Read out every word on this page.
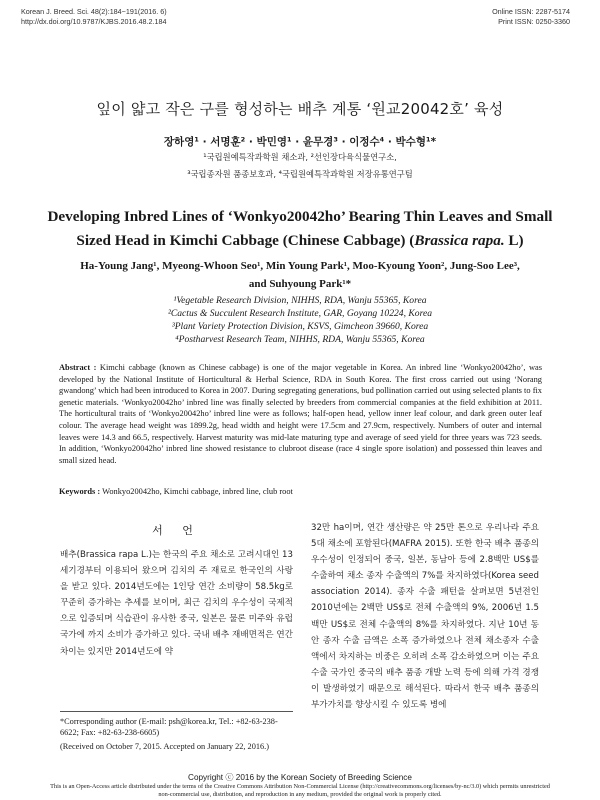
Korean J. Breed. Sci. 48(2):184~191(2016. 6)
http://dx.doi.org/10.9787/KJBS.2016.48.2.184
Online ISSN: 2287-5174
Print ISSN: 0250-3360
잎이 얇고 작은 구를 형성하는 배추 계통 ‘원교20042호’ 육성
장하영¹ · 서명훈² · 박민영¹ · 윤무경³ · 이정수⁴ · 박수형¹*
¹국립원예특작과학원 채소과, ²선인장다육식물연구소,
³국립종자원 품종보호과, ⁴국립원예특작과학원 저장유통연구팀
Developing Inbred Lines of ‘Wonkyo20042ho’ Bearing Thin Leaves and Small Sized Head in Kimchi Cabbage (Chinese Cabbage) (Brassica rapa. L)
Ha-Young Jang¹, Myeong-Whoon Seo¹, Min Young Park¹, Moo-Kyoung Yoon², Jung-Soo Lee³,
and Suhyoung Park¹*
¹Vegetable Research Division, NIHHS, RDA, Wanju 55365, Korea
²Cactus & Succulent Research Institute, GAR, Goyang 10224, Korea
³Plant Variety Protection Division, KSVS, Gimcheon 39660, Korea
⁴Postharvest Research Team, NIHHS, RDA, Wanju 55365, Korea
Abstract : Kimchi cabbage (known as Chinese cabbage) is one of the major vegetable in Korea. An inbred line ‘Wonkyo20042ho’, was developed by the National Institute of Horticultural & Herbal Science, RDA in South Korea. The first cross carried out using ‘Norang gwandong’ which had been introduced to Korea in 2007. During segregating generations, bud pollination carried out using selected plants to fix genetic materials. ‘Wonkyo20042ho’ inbred line was finally selected by breeders from commercial companies at the field exhibition at 2011. The horticultural traits of ‘Wonkyo20042ho’ inbred line were as follows; half-open head, yellow inner leaf colour, and dark green outer leaf colour. The average head weight was 1899.2g, head width and height were 17.5cm and 27.9cm, respectively. Numbers of outer and internal leaves were 14.3 and 66.5, respectively. Harvest maturity was mid-late maturing type and average of seed yield for three years was 723 seeds. In addition, ‘Wonkyo20042ho’ inbred line showed resistance to clubroot disease (race 4 single spore isolation) and possessed thin leaves and small sized head.
Keywords : Wonkyo20042ho, Kimchi cabbage, inbred line, club root
서 언
배추(Brassica rapa L.)는 한국의 주요 채소로 고려시대인 13세기경부터 이용되어 왔으며 김치의 주 재료로 한국인의 사랑을 받고 있다. 2014년도에는 1인당 연간 소비량이 58.5kg로 꾸준히 증가하는 추세를 보이며, 최근 김치의 우수성이 국제적으로 입증되며 식습관이 유사한 중국, 일본은 물론 미주와 유럽 국가에 까지 소비가 증가하고 있다. 국내 배추 재배면적은 연간 차이는 있지만 2014년도에 약
32만 ha이며, 연간 생산량은 약 25만 톤으로 우리나라 주요 5대 채소에 포함된다(MAFRA 2015). 또한 한국 배추 품종의 우수성이 인정되어 중국, 일본, 동남아 등에 2.8백만 US$를 수출하여 채소 종자 수출액의 7%를 차지하였다(Korea seed association 2014). 종자 수출 패턴을 살펴보면 5년전인 2010년에는 2백만 US$로 전체 수출액의 9%, 2006년 1.5백만 US$로 전체 수출액의 8%를 차지하였다. 지난 10년 동안 종자 수출 금액은 소폭 증가하였으나 전체 채소종자 수출액에서 차지하는 비중은 오히려 소폭 감소하였으며 이는 주요 수출 국가인 중국의 배추 품종 개발 노력 등에 의해 가격 경쟁이 발생하였기 때문으로 해석된다. 따라서 한국 배추 품종의 부가가치를 향상시킬 수 있도록 병에
*Corresponding author (E-mail: psh@korea.kr, Tel.: +82-63-238-6622; Fax: +82-63-238-6605)
(Received on October 7, 2015. Accepted on January 22, 2016.)
Copyright ⓒ 2016 by the Korean Society of Breeding Science
This is an Open-Access article distributed under the terms of the Creative Commons Attribution Non-Commercial License (http://creativecommons.org/licenses/by-nc/3.0) which permits unrestricted non-commercial use, distribution, and reproduction in any medium, provided the original work is properly cited.
